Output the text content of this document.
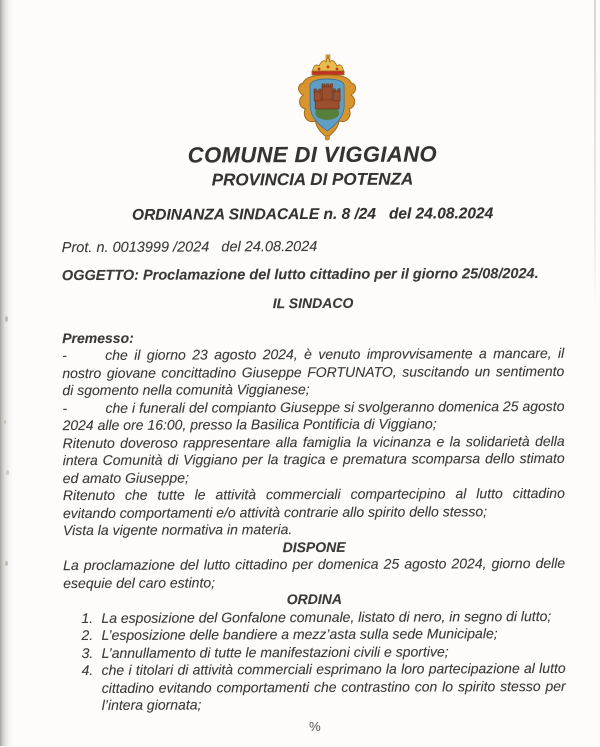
COMUNE DI VIGGIANO
PROVINCIA DI POTENZA
ORDINANZA SINDACALE n. 8 /24   del 24.08.2024
Prot. n. 0013999 /2024   del 24.08.2024
OGGETTO: Proclamazione del lutto cittadino per il giorno 25/08/2024.
IL SINDACO
Premesso:

-	che il giorno 23 agosto 2024, è venuto improvvisamente a mancare, il nostro giovane concittadino Giuseppe FORTUNATO, suscitando un sentimento di sgomento nella comunità Viggianese;

-	che i funerali del compianto Giuseppe si svolgeranno domenica 25 agosto 2024 alle ore 16:00, presso la Basilica Pontificia di Viggiano;

Ritenuto doveroso rappresentare alla famiglia la vicinanza e la solidarietà della intera Comunità di Viggiano per la tragica e prematura scomparsa dello stimato ed amato Giuseppe;

Ritenuto che tutte le attività commerciali compartecipino al lutto cittadino evitando comportamenti e/o attività contrarie allo spirito dello stesso;

Vista la vigente normativa in materia.

DISPONE

La proclamazione del lutto cittadino per domenica 25 agosto 2024, giorno delle esequie del caro estinto;

ORDINA

1. La esposizione del Gonfalone comunale, listato di nero, in segno di lutto;
2. L’esposizione delle bandiere a mezz’asta sulla sede Municipale;
3. L’annullamento di tutte le manifestazioni civili e sportive;
4. che i titolari di attività commerciali esprimano la loro partecipazione al lutto cittadino evitando comportamenti che contrastino con lo spirito stesso per l’intera giornata;
%
